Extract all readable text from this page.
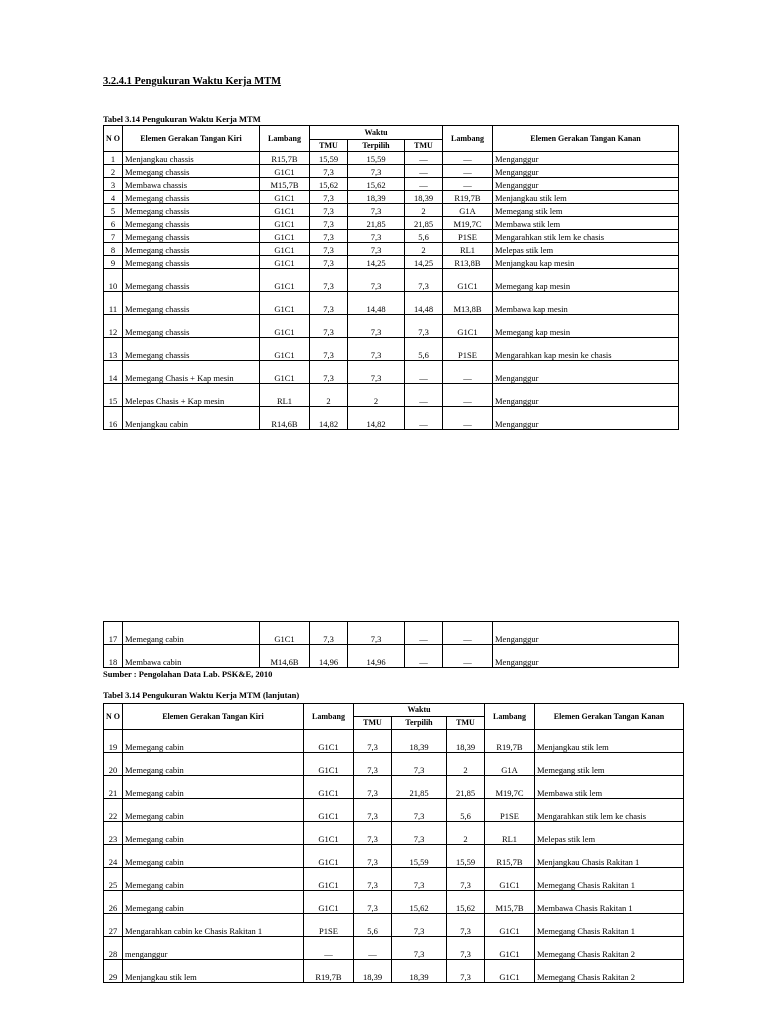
3.2.4.1 Pengukuran Waktu Kerja MTM
Tabel 3.14 Pengukuran Waktu Kerja MTM
N O	Elemen Gerakan Tangan Kiri	Lambang	Waktu			Lambang	Elemen Gerakan Tangan Kanan
			TMU	Terpilih	TMU		
1	Menjangkau chassis	R15,7B	15,59	15,59	—	—	Menganggur
2	Memegang chassis	G1C1	7,3	7,3	—	—	Menganggur
3	Membawa chassis	M15,7B	15,62	15,62	—	—	Menganggur
4	Memegang chassis	G1C1	7,3	18,39	18,39	R19,7B	Menjangkau stik lem
5	Memegang chassis	G1C1	7,3	7,3	2	G1A	Memegang stik lem
6	Memegang chassis	G1C1	7,3	21,85	21,85	M19,7C	Membawa stik lem
7	Memegang chassis	G1C1	7,3	7,3	5,6	P1SE	Mengarahkan stik lem ke chasis
8	Memegang chassis	G1C1	7,3	7,3	2	RL1	Melepas stik lem
9	Memegang chassis	G1C1	7,3	14,25	14,25	R13,8B	Menjangkau kap mesin
10	Memegang chassis	G1C1	7,3	7,3	7,3	G1C1	Memegang kap mesin
11	Memegang chassis	G1C1	7,3	14,48	14,48	M13,8B	Membawa kap mesin
12	Memegang chassis	G1C1	7,3	7,3	7,3	G1C1	Memegang kap mesin
13	Memegang chassis	G1C1	7,3	7,3	5,6	P1SE	Mengarahkan kap mesin ke chasis
14	Memegang Chasis + Kap mesin	G1C1	7,3	7,3	—	—	Menganggur
15	Melepas Chasis + Kap mesin	RL1	2	2	—	—	Menganggur
16	Menjangkau cabin	R14,6B	14,82	14,82	—	—	Menganggur
17	Memegang cabin	G1C1	7,3	7,3	—	—	Menganggur
18	Membawa cabin	M14,6B	14,96	14,96	—	—	Menganggur
Sumber : Pengolahan Data Lab. PSK&E, 2010
Tabel 3.14 Pengukuran Waktu Kerja MTM (lanjutan)
N O	Elemen Gerakan Tangan Kiri	Lambang	Waktu			Lambang	Elemen Gerakan Tangan Kanan
			TMU	Terpilih	TMU		
19	Memegang cabin	G1C1	7,3	18,39	18,39	R19,7B	Menjangkau stik lem
20	Memegang cabin	G1C1	7,3	7,3	2	G1A	Memegang stik lem
21	Memegang cabin	G1C1	7,3	21,85	21,85	M19,7C	Membawa stik lem
22	Memegang cabin	G1C1	7,3	7,3	5,6	P1SE	Mengarahkan stik lem ke chasis
23	Memegang cabin	G1C1	7,3	7,3	2	RL1	Melepas stik lem
24	Memegang cabin	G1C1	7,3	15,59	15,59	R15,7B	Menjangkau Chasis Rakitan 1
25	Memegang cabin	G1C1	7,3	7,3	7,3	G1C1	Memegang Chasis Rakitan 1
26	Memegang cabin	G1C1	7,3	15,62	15,62	M15,7B	Membawa Chasis Rakitan 1
27	Mengarahkan cabin ke Chasis Rakitan 1	P1SE	5,6	7,3	7,3	G1C1	Memegang Chasis Rakitan 1
28	menganggur	—	—	7,3	7,3	G1C1	Memegang Chasis Rakitan 2
29	Menjangkau stik lem	R19,7B	18,39	18,39	7,3	G1C1	Memegang Chasis Rakitan 2
